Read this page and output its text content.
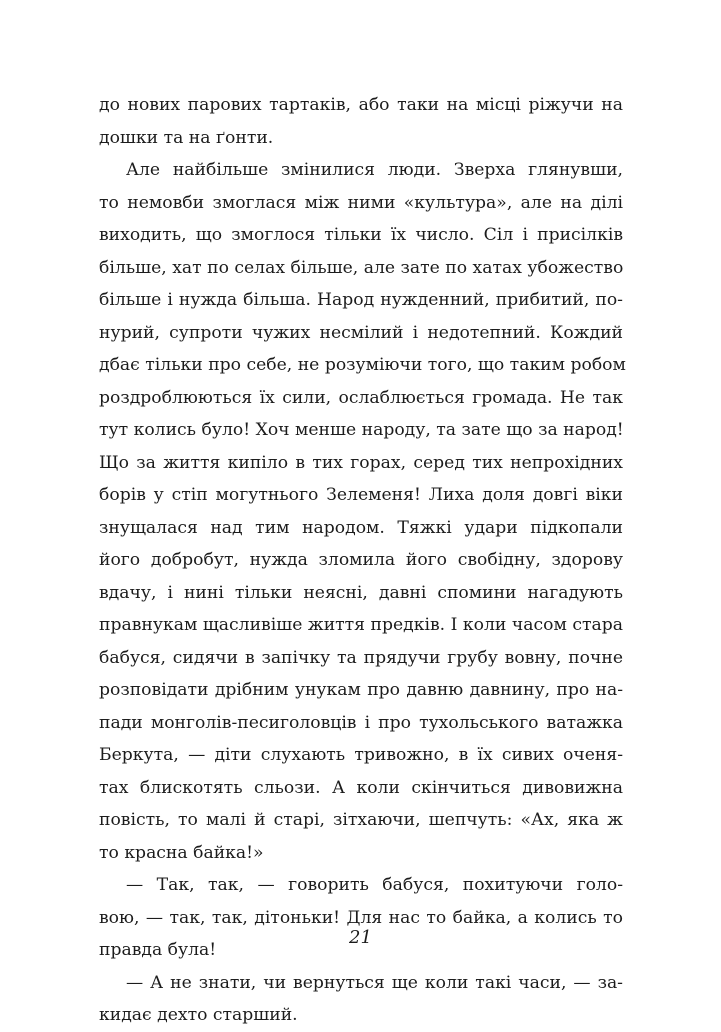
до нових парових тартаків, або таки на місці ріжучи на
дошки та на ґонти.
Але найбільше змінилися люди. Зверха глянувши,
то немовби змоглася між ними «культура», але на ділі
виходить, що змоглося тільки їх число. Сіл і присілків
більше, хат по селах більше, але зате по хатах убожество
більше і нужда більша. Народ нужденний, прибитий, по-
нурий, супроти чужих несмілий і недотепний. Кождий
дбає тільки про себе, не розуміючи того, що таким робом
роздроблюються їх сили, ослаблюється громада. Не так
тут колись було! Хоч менше народу, та зате що за народ!
Що за життя кипіло в тих горах, серед тих непрохідних
борів у стіп могутнього Зелеменя! Лиха доля довгі віки
знущалася над тим народом. Тяжкі удари підкопали
його добробут, нужда зломила його свобідну, здорову
вдачу, і нині тільки неясні, давні спомини нагадують
правнукам щасливіше життя предків. І коли часом стара
бабуся, сидячи в запічку та прядучи грубу вовну, почне
розповідати дрібним унукам про давню давнину, про на-
пади монголів-песиголовців і про тухольського ватажка
Беркута, — діти слухають тривожно, в їх сивих оченя-
тах блискотять сльози. А коли скінчиться дивовижна
повість, то малі й старі, зітхаючи, шепчуть: «Ах, яка ж
то красна байка!»
— Так, так, — говорить бабуся, похитуючи голо-
вою, — так, так, дітоньки! Для нас то байка, а колись то
правда була!
— А не знати, чи вернуться ще коли такі часи, — за-
кидає дехто старший.
21
